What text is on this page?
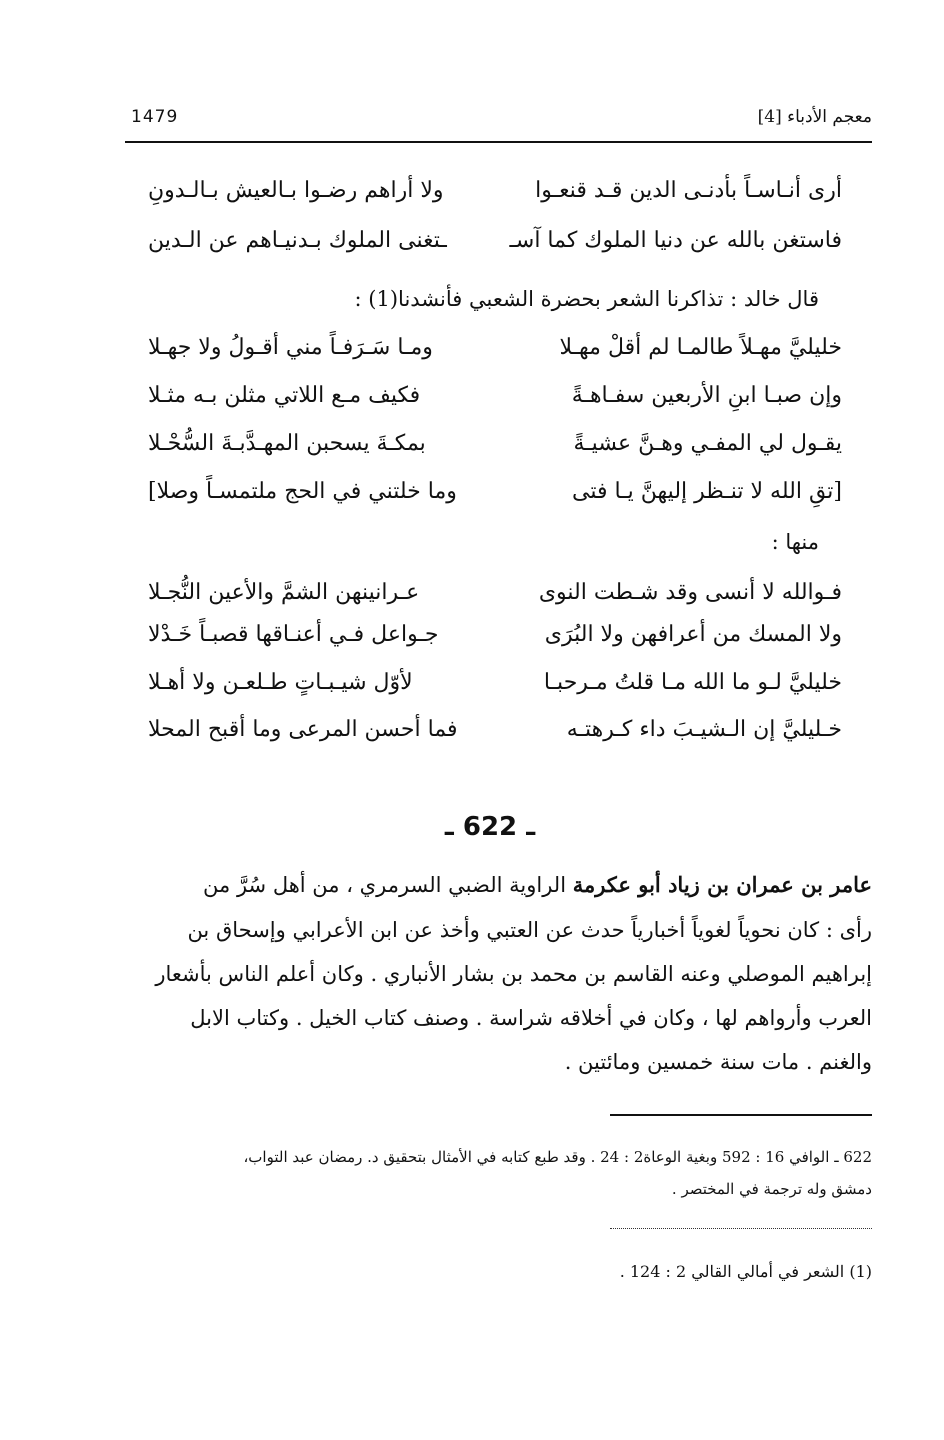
معجم الأدباء [4]
1479
أرى أنـاسـاً بأدنـى الدين قـد قنعـوا
ولا أراهم رضـوا بـالعيش بـالـدونِ
فاستغن بالله عن دنيا الملوك كما آسـ
ـتغنى الملوك بـدنيـاهم عن الـدين
قال خالد : تذاكرنا الشعر بحضرة الشعبي فأنشدنا(1) :
خليليَّ مهـلاً طالمـا لم أقلْ مهـلا
ومـا سَـرَفـاً مني أقـولُ ولا جهـلا
وإن صبـا ابنِ الأربعين سفـاهـةً
فكيف مـع اللاتي مثلن بـه مثـلا
يقـول لي المفـي وهـنَّ عشيـةً
بمكـةَ يسحبن المهـدَّبـةَ السُّحْـلا
[تقِ الله لا تنـظر إليهنَّ يـا فتى
وما خلتني في الحج ملتمسـاً وصلا]
منها :
فـوالله لا أنسى وقد شـطت النوى
عـرانينهن الشمَّ والأعين النُّجـلا
ولا المسك من أعرافهن ولا البُرَى
جـواعل فـي أعنـاقها قصبـاً خَـدْلا
خليليَّ لـو ما الله مـا قلتُ مـرحبـا
لأوّل شيـبـاتٍ طـلعـن ولا أهـلا
خـليليَّ إن الـشيـبَ داء كـرهتـه
فما أحسن المرعى وما أقبح المحلا
ـ 622 ـ
عامر بن عمران بن زياد أبو عكرمة الراوية الضبي السرمري ، من أهل سُرَّ من
رأى : كان نحوياً لغوياً أخبارياً حدث عن العتبي وأخذ عن ابن الأعرابي وإسحاق بن
إبراهيم الموصلي وعنه القاسم بن محمد بن بشار الأنباري . وكان أعلم الناس بأشعار
العرب وأرواهم لها ، وكان في أخلاقه شراسة . وصنف كتاب الخيل . وكتاب الابل
والغنم . مات سنة خمسين ومائتين .
622 ـ الوافي 16 : 592 وبغية الوعاة2 : 24 . وقد طبع كتابه في الأمثال بتحقيق د. رمضان عبد التواب،
دمشق وله ترجمة في المختصر .
(1) الشعر في أمالي القالي 2 : 124 .
